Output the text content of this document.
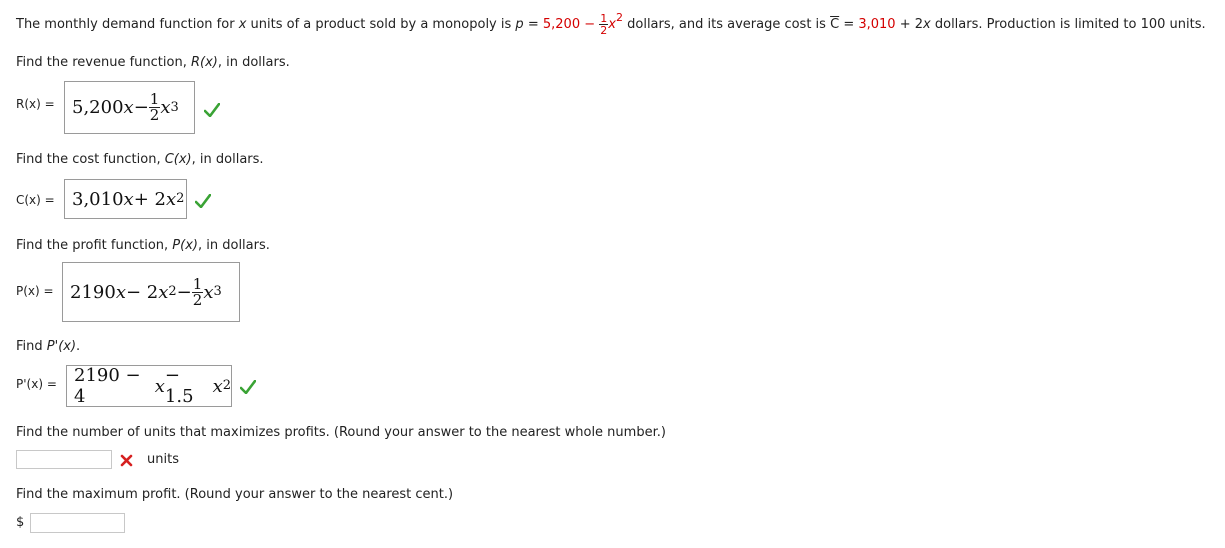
The monthly demand function for x units of a product sold by a monopoly is $p = 5,200 - \frac{1}{2} x^2$ dollars, and its average cost is $\overline{C} = 3,010 + 2x$ dollars. Production is limited to 100 units.
Find the revenue function, R(x), in dollars.
R(x) = 5,200 $x - \frac{1}{2}$ x 3
Find the cost function, C(x), in dollars.
C(x) = 3,010 x + 2 x 2
Find the profit function, P(x), in dollars.
P(x) = 2190 x − 2 x $2 - \frac{1}{2}$ x 3
Find P'(x).
P'(x) = 2190 − 4	x − 1.5	x 2
Find the number of units that maximizes profits. (Round your answer to the nearest whole number.)
units
Find the maximum profit. (Round your answer to the nearest cent.)
$
